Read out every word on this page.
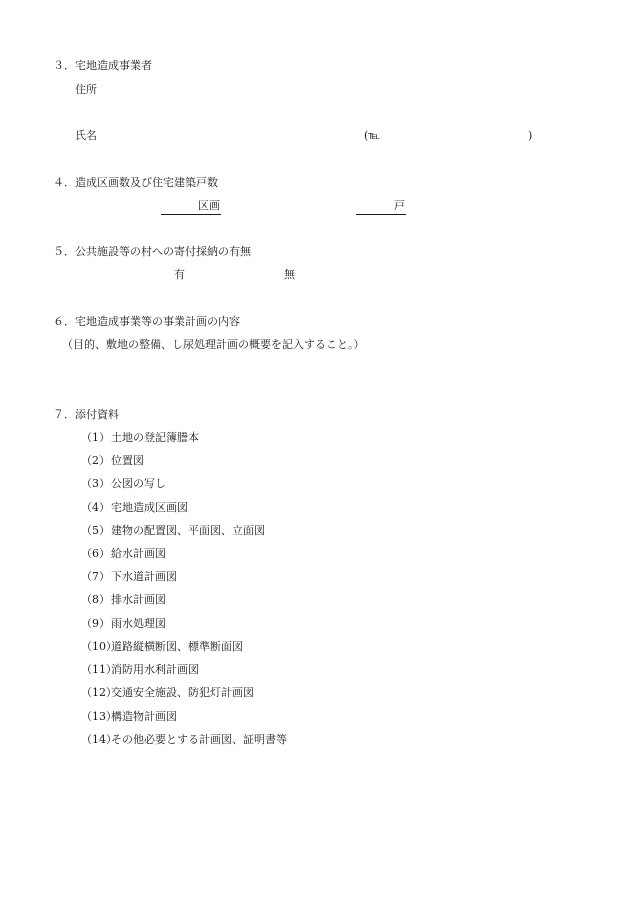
３．宅地造成事業者
住所
氏名	(℡	)
４．造成区画数及び住宅建築戸数
区画	戸
５．公共施設等の村への寄付採納の有無
有	無
６．宅地造成事業等の事業計画の内容
（目的、敷地の整備、し尿処理計画の概要を記入すること。）
７．添付資料
（1）土地の登記簿謄本
（2）位置図
（3）公図の写し
（4）宅地造成区画図
（5）建物の配置図、平面図、立面図
（6）給水計画図
（7）下水道計画図
（8）排水計画図
（9）雨水処理図
（10）道路縦横断図、標準断面図
（11）消防用水利計画図
（12）交通安全施設、防犯灯計画図
（13）構造物計画図
（14）その他必要とする計画図、証明書等
